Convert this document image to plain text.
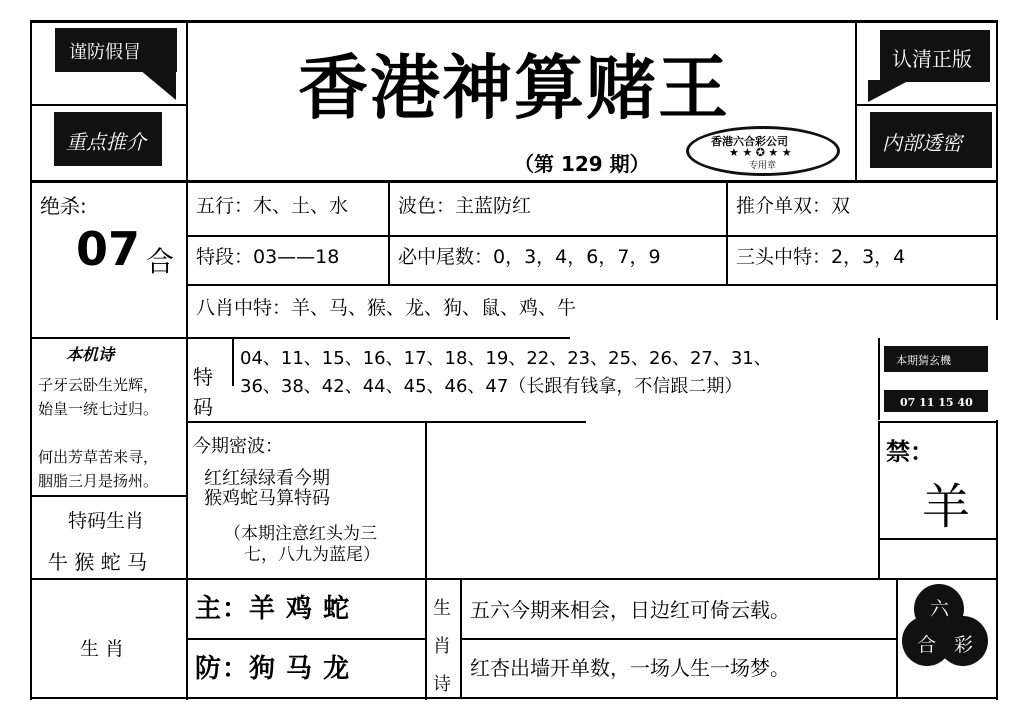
谨防假冒
重点推介
香港神算赌王
（第 129 期）
香港六合彩公司
★ ★ ✪ ★ ★
专用章
认清正版
内部透密
绝杀:
07 合
五行：木、土、水	波色：主蓝防红	推介单双：双
特段：03——18	必中尾数：0，3，4，6，7，9	三头中特：2，3，4
八肖中特：羊、马、猴、龙、狗、鼠、鸡、牛
本机诗
子牙云卧生光辉，
始皇一统七过归。
何出芳草苦来寻，
胭脂三月是扬州。
特码
04、11、15、16、17、18、19、22、23、25、26、27、31、
36、38、42、44、45、46、47（长跟有钱拿，不信跟二期）
本期猜玄機
07 11 15 40
今期密波：
红红绿绿看今期
猴鸡蛇马算特码
（本期注意红头为三
七，八九为蓝尾）
禁：
羊
特码生肖
牛 猴 蛇 马
生 肖
主：羊 鸡 蛇
防：狗 马 龙
生
肖
诗
五六今期来相会，日边红可倚云载。
红杏出墙开单数，一场人生一场梦。
六
合 彩
